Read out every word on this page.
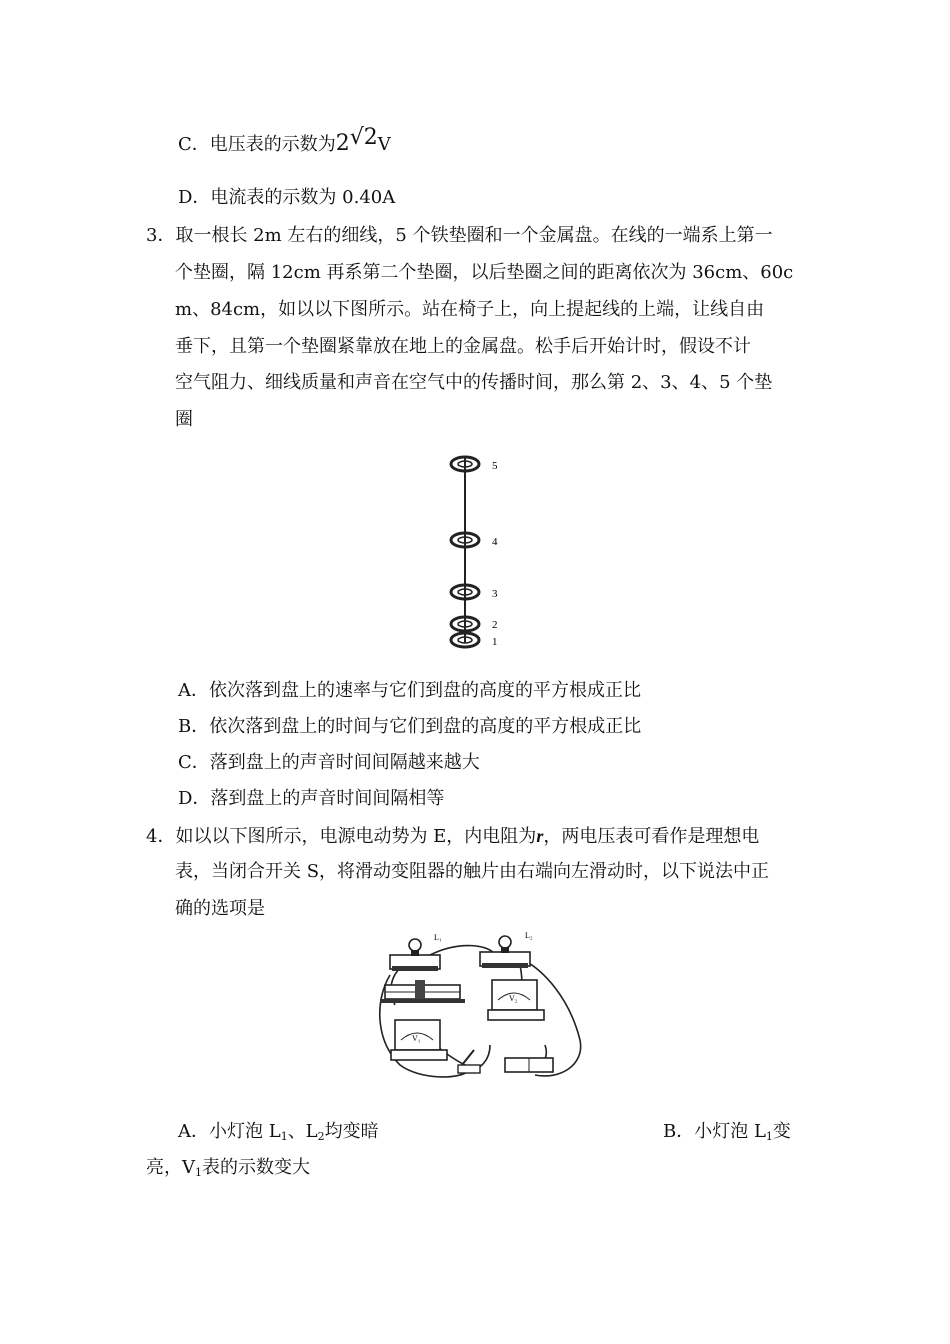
C．电压表的示数为2√2V
D．电流表的示数为 0.40A
3．取一根长 2m 左右的细线，5 个铁垫圈和一个金属盘。在线的一端系上第一
个垫圈，隔 12cm 再系第二个垫圈，以后垫圈之间的距离依次为 36cm、60c
m、84cm，如以以下图所示。站在椅子上，向上提起线的上端，让线自由
垂下，且第一个垫圈紧靠放在地上的金属盘。松手后开始计时，假设不计
空气阻力、细线质量和声音在空气中的传播时间，那么第 2、3、4、5 个垫
圈
5
4
3
2
1
A．依次落到盘上的速率与它们到盘的高度的平方根成正比
B．依次落到盘上的时间与它们到盘的高度的平方根成正比
C．落到盘上的声音时间间隔越来越大
D．落到盘上的声音时间间隔相等
4．如以以下图所示，电源电动势为 E，内电阻为r，两电压表可看作是理想电
表，当闭合开关 S，将滑动变阻器的触片由右端向左滑动时，以下说法中正
确的选项是
L₁	L₂
V₂
V₁
A．小灯泡 $L_1$、$L_2$均变暗	B．小灯泡 $L_1$变
亮，$V_1$表的示数变大
